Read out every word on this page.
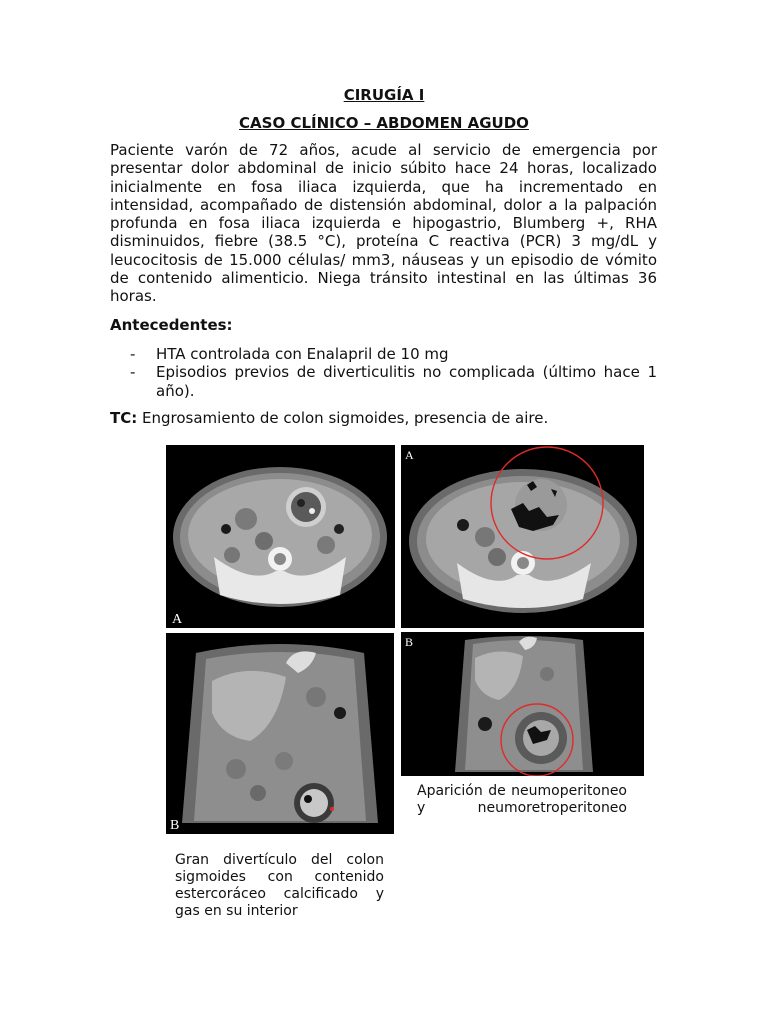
CIRUGÍA I
CASO CLÍNICO – ABDOMEN AGUDO

Paciente varón de 72 años, acude al servicio de emergencia por presentar dolor abdominal de inicio súbito hace 24 horas, localizado inicialmente en fosa iliaca izquierda, que ha incrementado en intensidad, acompañado de distensión abdominal, dolor a la palpación profunda en fosa iliaca izquierda e hipogastrio, Blumberg +, RHA disminuidos, fiebre (38.5 °C), proteína C reactiva (PCR) 3 mg/dL y leucocitosis de 15.000 células/ mm3, náuseas y un episodio de vómito de contenido alimenticio. Niega tránsito intestinal en las últimas 36 horas.

Antecedentes:

- HTA controlada con Enalapril de 10 mg
- Episodios previos de diverticulitis no complicada (último hace 1 año).

TC: Engrosamiento de colon sigmoides, presencia de aire.

A
A
B
B

Aparición de neumoperitoneo y neumoretroperitoneo

Gran divertículo del colon sigmoides con contenido estercoráceo calcificado y gas en su interior
